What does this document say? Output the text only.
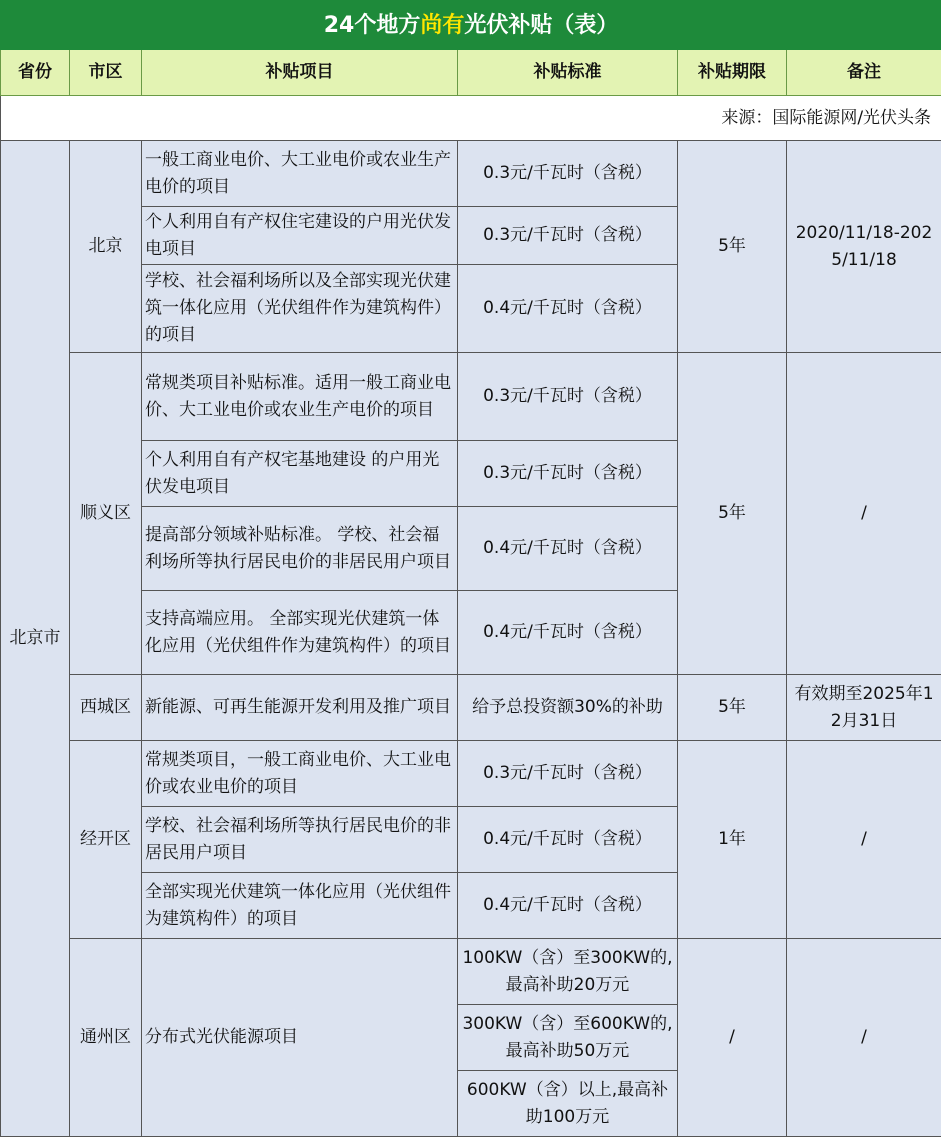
24个地方尚有光伏补贴（表）					
省份	市区	补贴项目	补贴标准	补贴期限	备注
来源：国际能源网/光伏头条					
北京市	北京	一般工商业电价、大工业电价或农业生产电价的项目	0.3元/千瓦时（含税）	5年	2020/11/18-2025/11/18
		个人利用自有产权住宅建设的户用光伏发电项目	0.3元/千瓦时（含税）		
		学校、社会福利场所以及全部实现光伏建筑一体化应用（光伏组件作为建筑构件）的项目	0.4元/千瓦时（含税）		
	顺义区	常规类项目补贴标准。适用一般工商业电价、大工业电价或农业生产电价的项目	0.3元/千瓦时（含税）	5年	/
		个人利用自有产权宅基地建设 的户用光伏发电项目	0.3元/千瓦时（含税）		
		提高部分领域补贴标准。 学校、社会福利场所等执行居民电价的非居民用户项目	0.4元/千瓦时（含税）		
		支持高端应用。 全部实现光伏建筑一体化应用（光伏组件作为建筑构件）的项目	0.4元/千瓦时（含税）		
	西城区	新能源、可再生能源开发利用及推广项目	给予总投资额30%的补助	5年	有效期至2025年12月31日
	经开区	常规类项目，一般工商业电价、大工业电价或农业电价的项目	0.3元/千瓦时（含税）	1年	/
		学校、社会福利场所等执行居民电价的非居民用户项目	0.4元/千瓦时（含税）		
		全部实现光伏建筑一体化应用（光伏组件为建筑构件）的项目	0.4元/千瓦时（含税）		
	通州区	分布式光伏能源项目	100KW（含）至300KW的,最高补助20万元	/	/
			300KW（含）至600KW的,最高补助50万元		
			600KW（含）以上,最高补助100万元		
